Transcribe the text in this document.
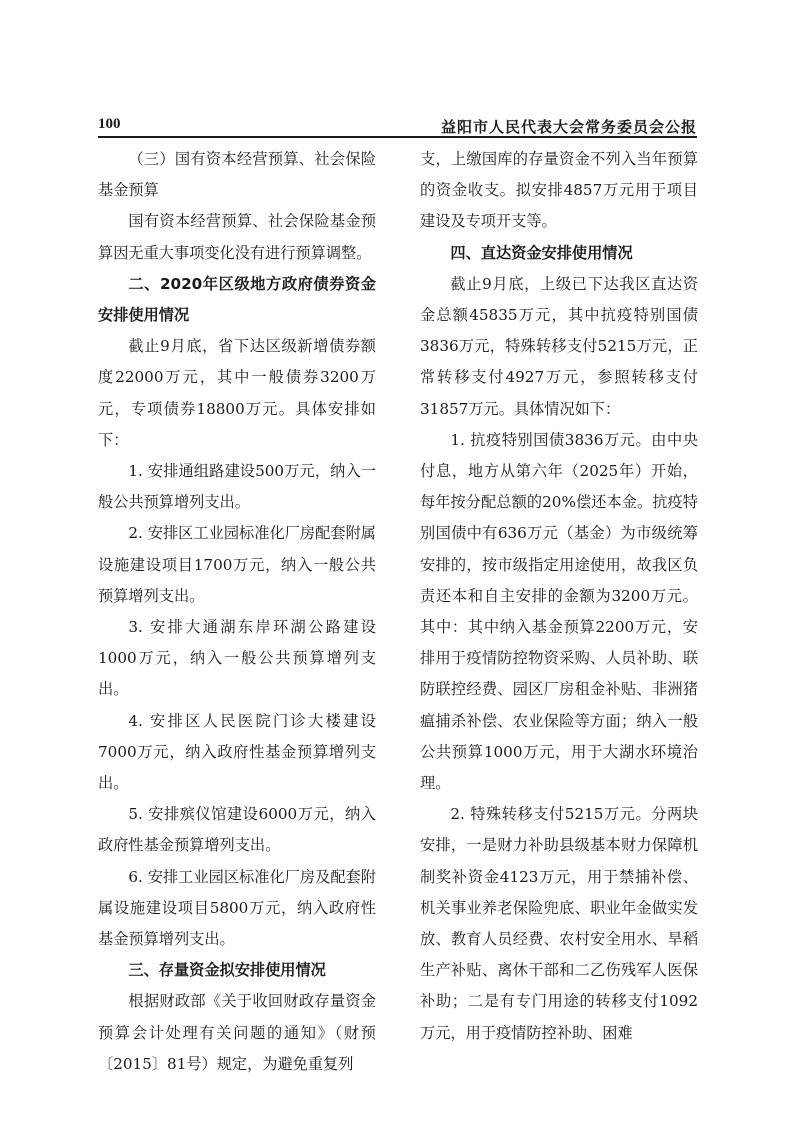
100	益阳市人民代表大会常务委员会公报

（三）国有资本经营预算、社会保险基金预算

国有资本经营预算、社会保险基金预算因无重大事项变化没有进行预算调整。

二、2020年区级地方政府债券资金安排使用情况

截止9月底，省下达区级新增债券额度22000万元，其中一般债券3200万元，专项债券18800万元。具体安排如下：

1. 安排通组路建设500万元，纳入一般公共预算增列支出。

2. 安排区工业园标准化厂房配套附属设施建设项目1700万元，纳入一般公共预算增列支出。

3. 安排大通湖东岸环湖公路建设1000万元，纳入一般公共预算增列支出。

4. 安排区人民医院门诊大楼建设7000万元，纳入政府性基金预算增列支出。

5. 安排殡仪馆建设6000万元，纳入政府性基金预算增列支出。

6. 安排工业园区标准化厂房及配套附属设施建设项目5800万元，纳入政府性基金预算增列支出。

三、存量资金拟安排使用情况

根据财政部《关于收回财政存量资金预算会计处理有关问题的通知》（财预〔2015〕81号）规定，为避免重复列

支，上缴国库的存量资金不列入当年预算的资金收支。拟安排4857万元用于项目建设及专项开支等。

四、直达资金安排使用情况

截止9月底，上级已下达我区直达资金总额45835万元，其中抗疫特别国债3836万元，特殊转移支付5215万元，正常转移支付4927万元，参照转移支付31857万元。具体情况如下：

1. 抗疫特别国债3836万元。由中央付息，地方从第六年（2025年）开始，每年按分配总额的20%偿还本金。抗疫特别国债中有636万元（基金）为市级统筹安排的，按市级指定用途使用，故我区负责还本和自主安排的金额为3200万元。其中：其中纳入基金预算2200万元，安排用于疫情防控物资采购、人员补助、联防联控经费、园区厂房租金补贴、非洲猪瘟捕杀补偿、农业保险等方面；纳入一般公共预算1000万元，用于大湖水环境治理。

2. 特殊转移支付5215万元。分两块安排，一是财力补助县级基本财力保障机制奖补资金4123万元，用于禁捕补偿、机关事业养老保险兜底、职业年金做实发放、教育人员经费、农村安全用水、旱稻生产补贴、离休干部和二乙伤残军人医保补助；二是有专门用途的转移支付1092万元，用于疫情防控补助、困难
